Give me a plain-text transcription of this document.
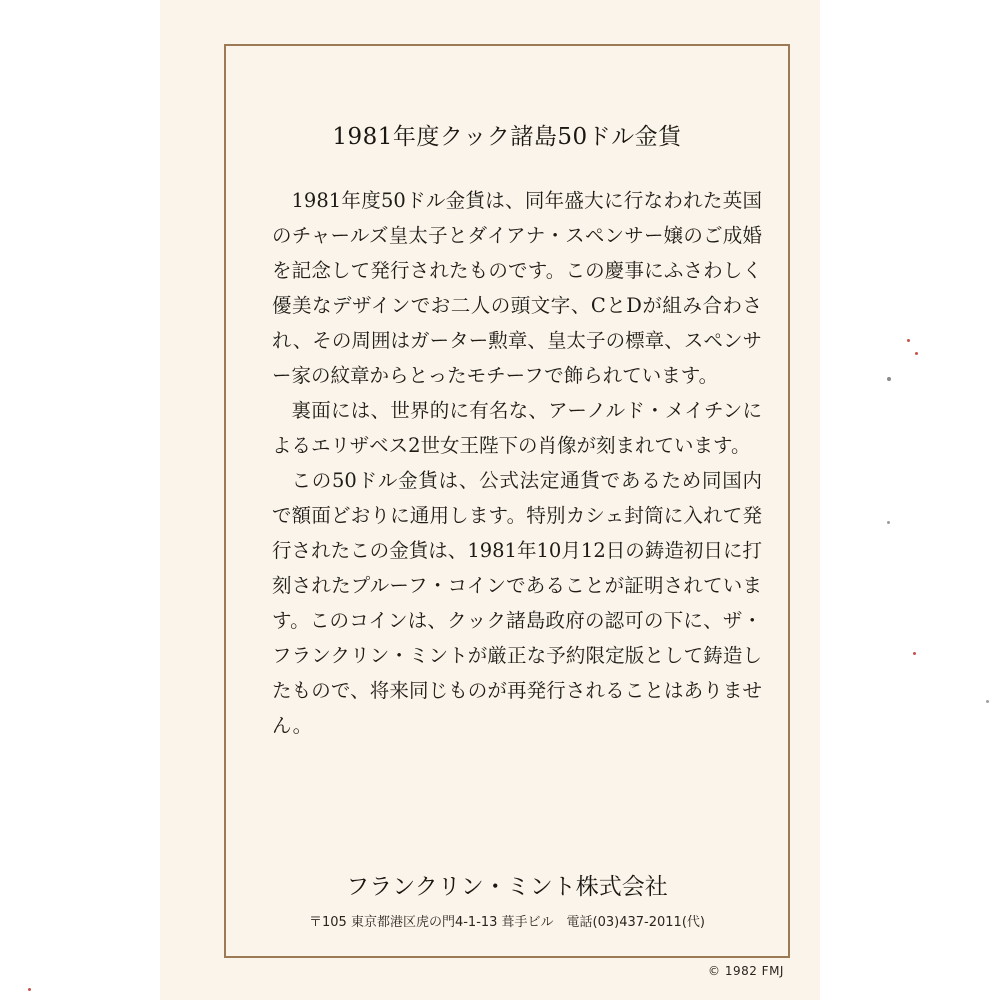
1981年度クック諸島50ドル金貨

1981年度50ドル金貨は、同年盛大に行なわれた英国のチャールズ皇太子とダイアナ・スペンサー嬢のご成婚を記念して発行されたものです。この慶事にふさわしく優美なデザインでお二人の頭文字、CとDが組み合わされ、その周囲はガーター勲章、皇太子の標章、スペンサー家の紋章からとったモチーフで飾られています。

裏面には、世界的に有名な、アーノルド・メイチンによるエリザベス2世女王陛下の肖像が刻まれています。

この50ドル金貨は、公式法定通貨であるため同国内で額面どおりに通用します。特別カシェ封筒に入れて発行されたこの金貨は、1981年10月12日の鋳造初日に打刻されたプルーフ・コインであることが証明されています。このコインは、クック諸島政府の認可の下に、ザ・フランクリン・ミントが厳正な予約限定版として鋳造したもので、将来同じものが再発行されることはありません。

フランクリン・ミント株式会社
〒105 東京都港区虎の門4-1-13 葺手ビル　電話(03)437-2011(代)
© 1982 FMJ
